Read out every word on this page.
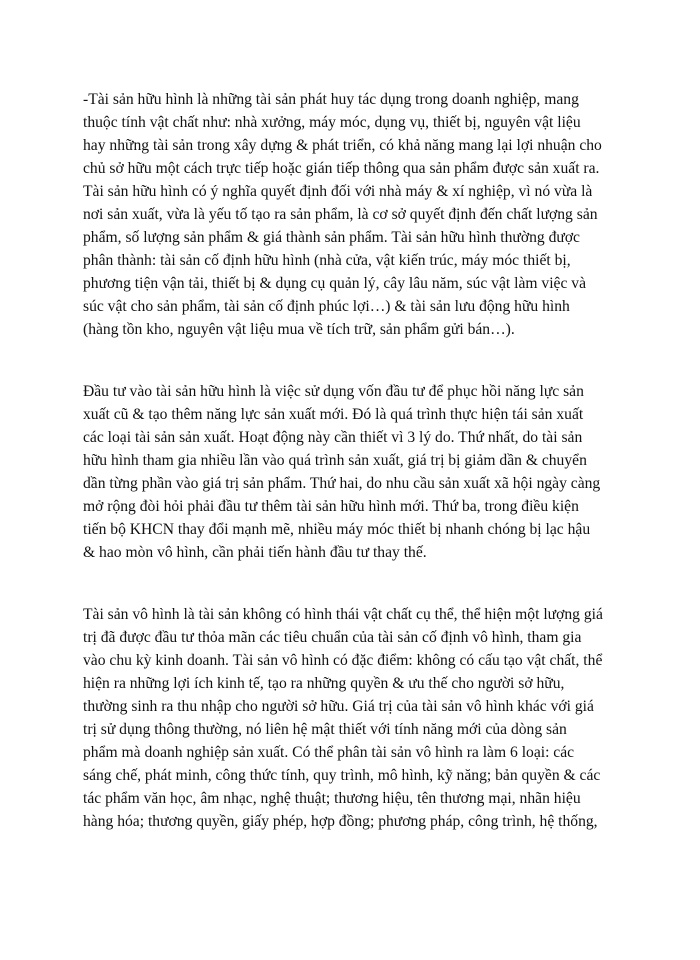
-Tài sản hữu hình là những tài sản phát huy tác dụng trong doanh nghiệp, mang
thuộc tính vật chất như: nhà xưởng, máy móc, dụng vụ, thiết bị, nguyên vật liệu
hay những tài sản trong xây dựng & phát triển, có khả năng mang lại lợi nhuận cho
chủ sở hữu một cách trực tiếp hoặc gián tiếp thông qua sản phẩm được sản xuất ra.
Tài sản hữu hình có ý nghĩa quyết định đối với nhà máy & xí nghiệp, vì nó vừa là
nơi sản xuất, vừa là yếu tố tạo ra sản phẩm, là cơ sở quyết định đến chất lượng sản
phẩm, số lượng sản phẩm & giá thành sản phẩm. Tài sản hữu hình thường được
phân thành: tài sản cố định hữu hình (nhà cửa, vật kiến trúc, máy móc thiết bị,
phương tiện vận tải, thiết bị & dụng cụ quản lý, cây lâu năm, súc vật làm việc và
súc vật cho sản phẩm, tài sản cố định phúc lợi…) & tài sản lưu động hữu hình
(hàng tồn kho, nguyên vật liệu mua về tích trữ, sản phẩm gửi bán…).

Đầu tư vào tài sản hữu hình là việc sử dụng vốn đầu tư để phục hồi năng lực sản
xuất cũ & tạo thêm năng lực sản xuất mới. Đó là quá trình thực hiện tái sản xuất
các loại tài sản sản xuất. Hoạt động này cần thiết vì 3 lý do. Thứ nhất, do tài sản
hữu hình tham gia nhiều lần vào quá trình sản xuất, giá trị bị giảm dần & chuyển
dần từng phần vào giá trị sản phẩm. Thứ hai, do nhu cầu sản xuất xã hội ngày càng
mở rộng đòi hỏi phải đầu tư thêm tài sản hữu hình mới. Thứ ba, trong điều kiện
tiến bộ KHCN thay đổi mạnh mẽ, nhiều máy móc thiết bị nhanh chóng bị lạc hậu
& hao mòn vô hình, cần phải tiến hành đầu tư thay thế.

Tài sản vô hình là tài sản không có hình thái vật chất cụ thể, thể hiện một lượng giá
trị đã được đầu tư thỏa mãn các tiêu chuẩn của tài sản cố định vô hình, tham gia
vào chu kỳ kinh doanh. Tài sản vô hình có đặc điểm: không có cấu tạo vật chất, thể
hiện ra những lợi ích kinh tế, tạo ra những quyền & ưu thế cho người sở hữu,
thường sinh ra thu nhập cho người sở hữu. Giá trị của tài sản vô hình khác với giá
trị sử dụng thông thường, nó liên hệ mật thiết với tính năng mới của dòng sản
phẩm mà doanh nghiệp sản xuất. Có thể phân tài sản vô hình ra làm 6 loại: các
sáng chế, phát minh, công thức tính, quy trình, mô hình, kỹ năng; bản quyền & các
tác phẩm văn học, âm nhạc, nghệ thuật; thương hiệu, tên thương mại, nhãn hiệu
hàng hóa; thương quyền, giấy phép, hợp đồng; phương pháp, công trình, hệ thống,
